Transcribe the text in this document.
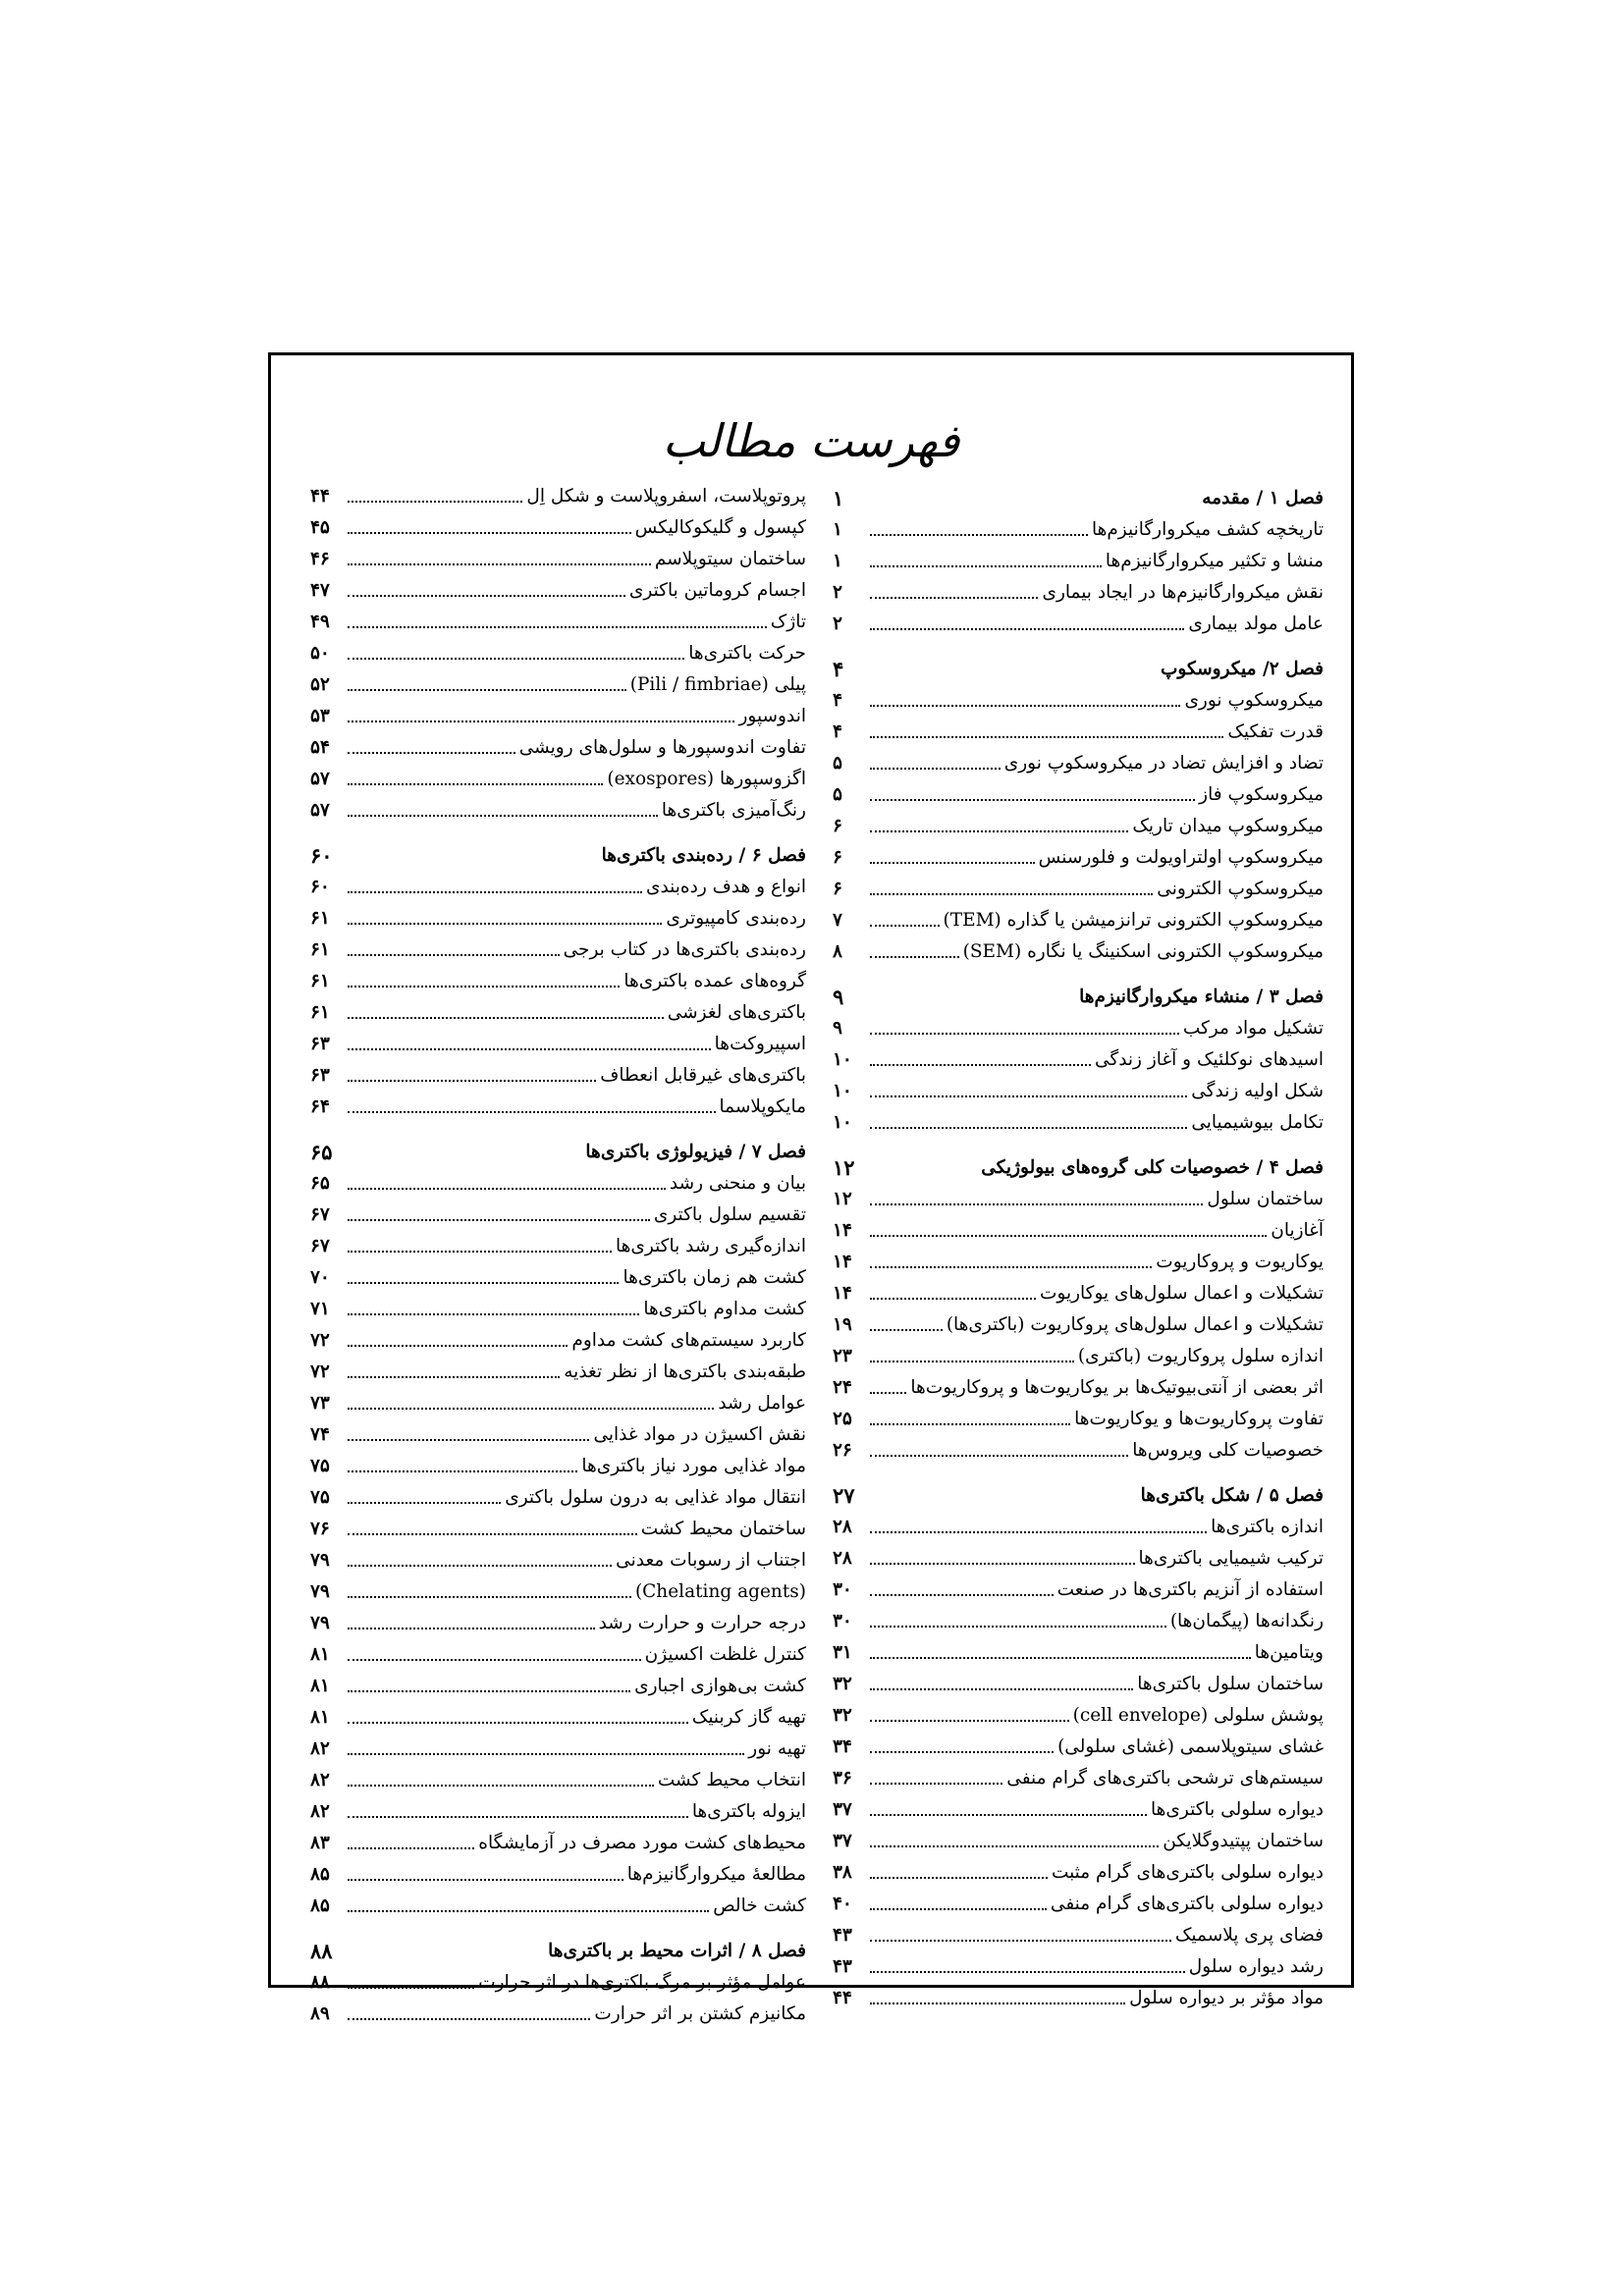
فهرست مطالب
فصل ۱ / مقدمه
۱
تاریخچه کشف میکروارگانیزم‌ها
۱
منشا و تکثیر میکروارگانیزم‌ها
۱
نقش میکروارگانیزم‌ها در ایجاد بیماری
۲
عامل مولد بیماری
۲
فصل ۲/ میکروسکوپ
۴
میکروسکوپ نوری
۴
قدرت تفکیک
۴
تضاد و افزایش تضاد در میکروسکوپ نوری
۵
میکروسکوپ فاز
۵
میکروسکوپ میدان تاریک
۶
میکروسکوپ اولتراویولت و فلورسنس
۶
میکروسکوپ الکترونی
۶
میکروسکوپ الکترونی ترانزمیشن یا گذاره (TEM)
۷
میکروسکوپ الکترونی اسکنینگ یا نگاره (SEM)
۸
فصل ۳ / منشاء میکروارگانیزم‌ها
۹
تشکیل مواد مرکب
۹
اسیدهای نوکلئیک و آغاز زندگی
۱۰
شکل اولیه زندگی
۱۰
تکامل بیوشیمیایی
۱۰
فصل ۴ / خصوصیات کلی گروه‌های بیولوژیکی
۱۲
ساختمان سلول
۱۲
آغازیان
۱۴
یوکاریوت و پروکاریوت
۱۴
تشکیلات و اعمال سلول‌های یوکاریوت
۱۴
تشکیلات و اعمال سلول‌های پروکاریوت (باکتری‌ها)
۱۹
اندازه سلول پروکاریوت (باکتری)
۲۳
اثر بعضی از آنتی‌بیوتیک‌ها بر یوکاریوت‌ها و پروکاریوت‌ها
۲۴
تفاوت پروکاریوت‌ها و یوکاریوت‌ها
۲۵
خصوصیات کلی ویروس‌ها
۲۶
فصل ۵ / شکل باکتری‌ها
۲۷
اندازه باکتری‌ها
۲۸
ترکیب شیمیایی باکتری‌ها
۲۸
استفاده از آنزیم باکتری‌ها در صنعت
۳۰
رنگدانه‌ها (پیگمان‌ها)
۳۰
ویتامین‌ها
۳۱
ساختمان سلول باکتری‌ها
۳۲
پوشش سلولی (cell envelope)
۳۲
غشای سیتوپلاسمی (غشای سلولی)
۳۴
سیستم‌های ترشحی باکتری‌های گرام منفی
۳۶
دیواره سلولی باکتری‌ها
۳۷
ساختمان پپتیدوگلایکن
۳۷
دیواره سلولی باکتری‌های گرام مثبت
۳۸
دیواره سلولی باکتری‌های گرام منفی
۴۰
فضای پری پلاسمیک
۴۳
رشد دیواره سلول
۴۳
مواد مؤثر بر دیواره سلول
۴۴
پروتوپلاست، اسفروپلاست و شکل اِل
۴۴
کپسول و گلیکوکالیکس
۴۵
ساختمان سیتوپلاسم
۴۶
اجسام کروماتین باکتری
۴۷
تاژک
۴۹
حرکت باکتری‌ها
۵۰
پیلی (Pili / fimbriae)
۵۲
اندوسپور
۵۳
تفاوت اندوسپورها و سلول‌های رویشی
۵۴
اگزوسپورها (exospores)
۵۷
رنگ‌آمیزی باکتری‌ها
۵۷
فصل ۶ / رده‌بندی باکتری‌ها
۶۰
انواع و هدف رده‌بندی
۶۰
رده‌بندی کامپیوتری
۶۱
رده‌بندی باکتری‌ها در کتاب برجی
۶۱
گروه‌های عمده باکتری‌ها
۶۱
باکتری‌های لغزشی
۶۱
اسپیروکت‌ها
۶۳
باکتری‌های غیرقابل انعطاف
۶۳
مایکوپلاسما
۶۴
فصل ۷ / فیزیولوژی باکتری‌ها
۶۵
بیان و منحنی رشد
۶۵
تقسیم سلول باکتری
۶۷
اندازه‌گیری رشد باکتری‌ها
۶۷
کشت هم زمان باکتری‌ها
۷۰
کشت مداوم باکتری‌ها
۷۱
کاربرد سیستم‌های کشت مداوم
۷۲
طبقه‌بندی باکتری‌ها از نظر تغذیه
۷۲
عوامل رشد
۷۳
نقش اکسیژن در مواد غذایی
۷۴
مواد غذایی مورد نیاز باکتری‌ها
۷۵
انتقال مواد غذایی به درون سلول باکتری
۷۵
ساختمان محیط کشت
۷۶
اجتناب از رسوبات معدنی
۷۹
(Chelating agents)
۷۹
درجه حرارت و حرارت رشد
۷۹
کنترل غلظت اکسیژن
۸۱
کشت بی‌هوازی اجباری
۸۱
تهیه گاز کربنیک
۸۱
تهیه نور
۸۲
انتخاب محیط کشت
۸۲
ایزوله باکتری‌ها
۸۲
محیط‌های کشت مورد مصرف در آزمایشگاه
۸۳
مطالعهٔ میکروارگانیزم‌ها
۸۵
کشت خالص
۸۵
فصل ۸ / اثرات محیط بر باکتری‌ها
۸۸
عوامل مؤثر بر مرگ باکتری‌ها در اثر حرارت
۸۸
مکانیزم کشتن بر اثر حرارت
۸۹
